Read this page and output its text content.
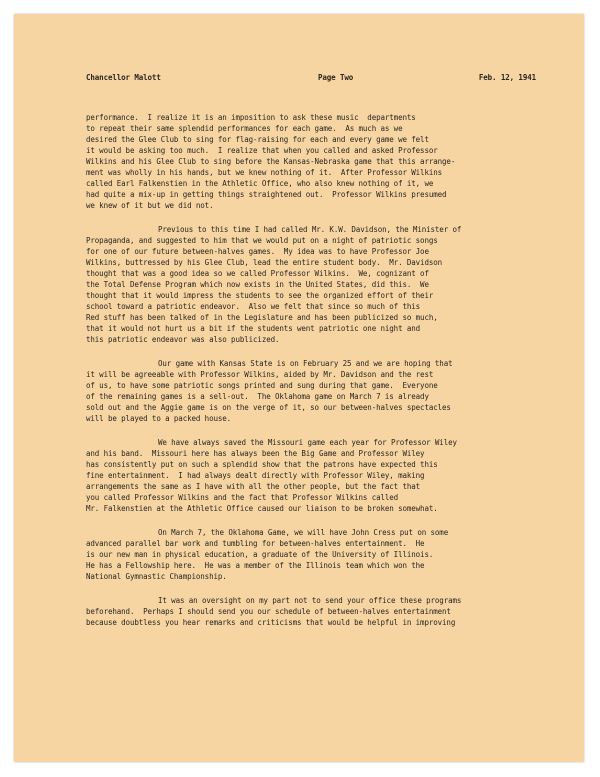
Chancellor Malott	Page Two	Feb. 12, 1941
performance.  I realize it is an imposition to ask these music  departments
to repeat their same splendid performances for each game.  As much as we
desired the Glee Club to sing for flag-raising for each and every game we felt
it would be asking too much.  I realize that when you called and asked Professor
Wilkins and his Glee Club to sing before the Kansas-Nebraska game that this arrange-
ment was wholly in his hands, but we knew nothing of it.  After Professor Wilkins
called Earl Falkenstien in the Athletic Office, who also knew nothing of it, we
had quite a mix-up in getting things straightened out.  Professor Wilkins presumed
we knew of it but we did not.
Previous to this time I had called Mr. K.W. Davidson, the Minister of
Propaganda, and suggested to him that we would put on a night of patriotic songs
for one of our future between-halves games.  My idea was to have Professor Joe
Wilkins, buttressed by his Glee Club, lead the entire student body.  Mr. Davidson
thought that was a good idea so we called Professor Wilkins.  We, cognizant of
the Total Defense Program which now exists in the United States, did this.  We
thought that it would impress the students to see the organized effort of their
school toward a patriotic endeavor.  Also we felt that since so much of this
Red stuff has been talked of in the Legislature and has been publicized so much,
that it would not hurt us a bit if the students went patriotic one night and
this patriotic endeavor was also publicized.
Our game with Kansas State is on February 25 and we are hoping that
it will be agreeable with Professor Wilkins, aided by Mr. Davidson and the rest
of us, to have some patriotic songs printed and sung during that game.  Everyone
of the remaining games is a sell-out.  The Oklahoma game on March 7 is already
sold out and the Aggie game is on the verge of it, so our between-halves spectacles
will be played to a packed house.
We have always saved the Missouri game each year for Professor Wiley
and his band.  Missouri here has always been the Big Game and Professor Wiley
has consistently put on such a splendid show that the patrons have expected this
fine entertainment.  I had always dealt directly with Professor Wiley, making
arrangements the same as I have with all the other people, but the fact that
you called Professor Wilkins and the fact that Professor Wilkins called
Mr. Falkenstien at the Athletic Office caused our liaison to be broken somewhat.
On March 7, the Oklahoma Game, we will have John Cress put on some
advanced parallel bar work and tumbling for between-halves entertainment.  He
is our new man in physical education, a graduate of the University of Illinois.
He has a Fellowship here.  He was a member of the Illinois team which won the
National Gymnastic Championship.
It was an oversight on my part not to send your office these programs
beforehand.  Perhaps I should send you our schedule of between-halves entertainment
because doubtless you hear remarks and criticisms that would be helpful in improving
